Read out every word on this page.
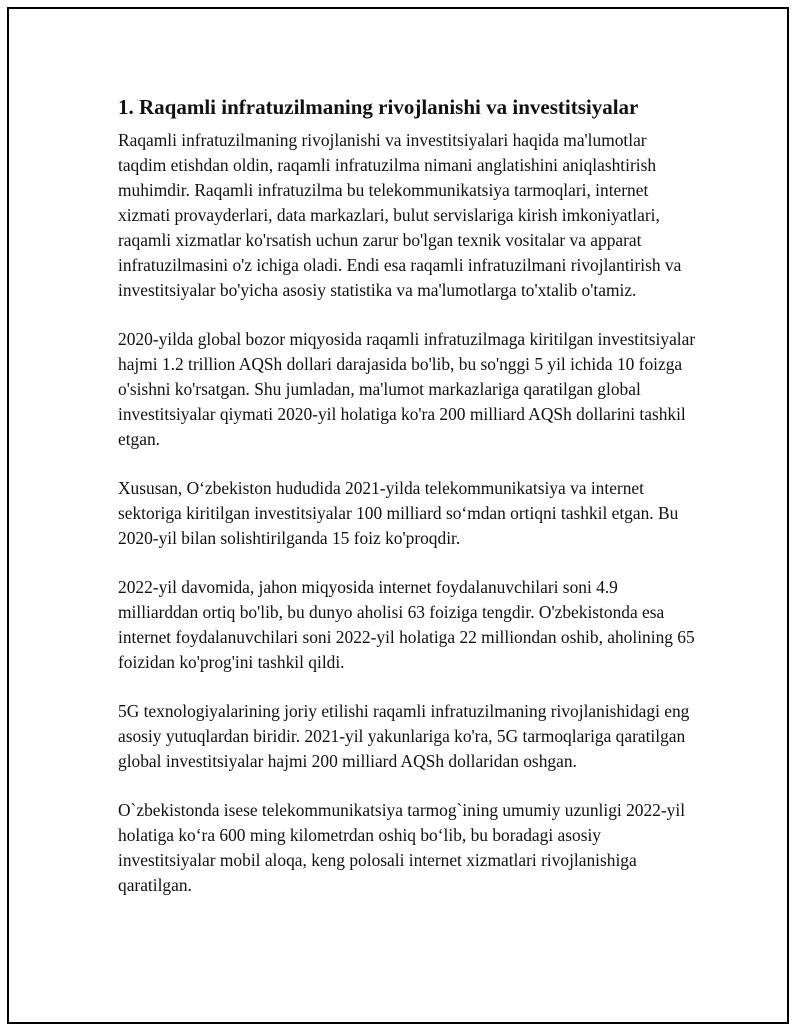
1. Raqamli infratuzilmaning rivojlanishi va investitsiyalar

Raqamli infratuzilmaning rivojlanishi va investitsiyalari haqida ma'lumotlar taqdim etishdan oldin, raqamli infratuzilma nimani anglatishini aniqlashtirish muhimdir. Raqamli infratuzilma bu telekommunikatsiya tarmoqlari, internet xizmati provayderlari, data markazlari, bulut servislariga kirish imkoniyatlari, raqamli xizmatlar ko'rsatish uchun zarur bo'lgan texnik vositalar va apparat infratuzilmasini o'z ichiga oladi. Endi esa raqamli infratuzilmani rivojlantirish va investitsiyalar bo'yicha asosiy statistika va ma'lumotlarga to'xtalib o'tamiz.

2020-yilda global bozor miqyosida raqamli infratuzilmaga kiritilgan investitsiyalar hajmi 1.2 trillion AQSh dollari darajasida bo'lib, bu so'nggi 5 yil ichida 10 foizga o'sishni ko'rsatgan. Shu jumladan, ma'lumot markazlariga qaratilgan global investitsiyalar qiymati 2020-yil holatiga ko'ra 200 milliard AQSh dollarini tashkil etgan.

Xususan, O‘zbekiston hududida 2021-yilda telekommunikatsiya va internet sektoriga kiritilgan investitsiyalar 100 milliard so‘mdan ortiqni tashkil etgan. Bu 2020-yil bilan solishtirilganda 15 foiz ko'proqdir.

2022-yil davomida, jahon miqyosida internet foydalanuvchilari soni 4.9 milliarddan ortiq bo'lib, bu dunyo aholisi 63 foiziga tengdir. O'zbekistonda esa internet foydalanuvchilari soni 2022-yil holatiga 22 milliondan oshib, aholining 65 foizidan ko'prog'ini tashkil qildi.

5G texnologiyalarining joriy etilishi raqamli infratuzilmaning rivojlanishidagi eng asosiy yutuqlardan biridir. 2021-yil yakunlariga ko'ra, 5G tarmoqlariga qaratilgan global investitsiyalar hajmi 200 milliard AQSh dollaridan oshgan.

O`zbekistonda isese telekommunikatsiya tarmog`ining umumiy uzunligi 2022-yil holatiga ko‘ra 600 ming kilometrdan oshiq bo‘lib, bu boradagi asosiy investitsiyalar mobil aloqa, keng polosali internet xizmatlari rivojlanishiga qaratilgan.
